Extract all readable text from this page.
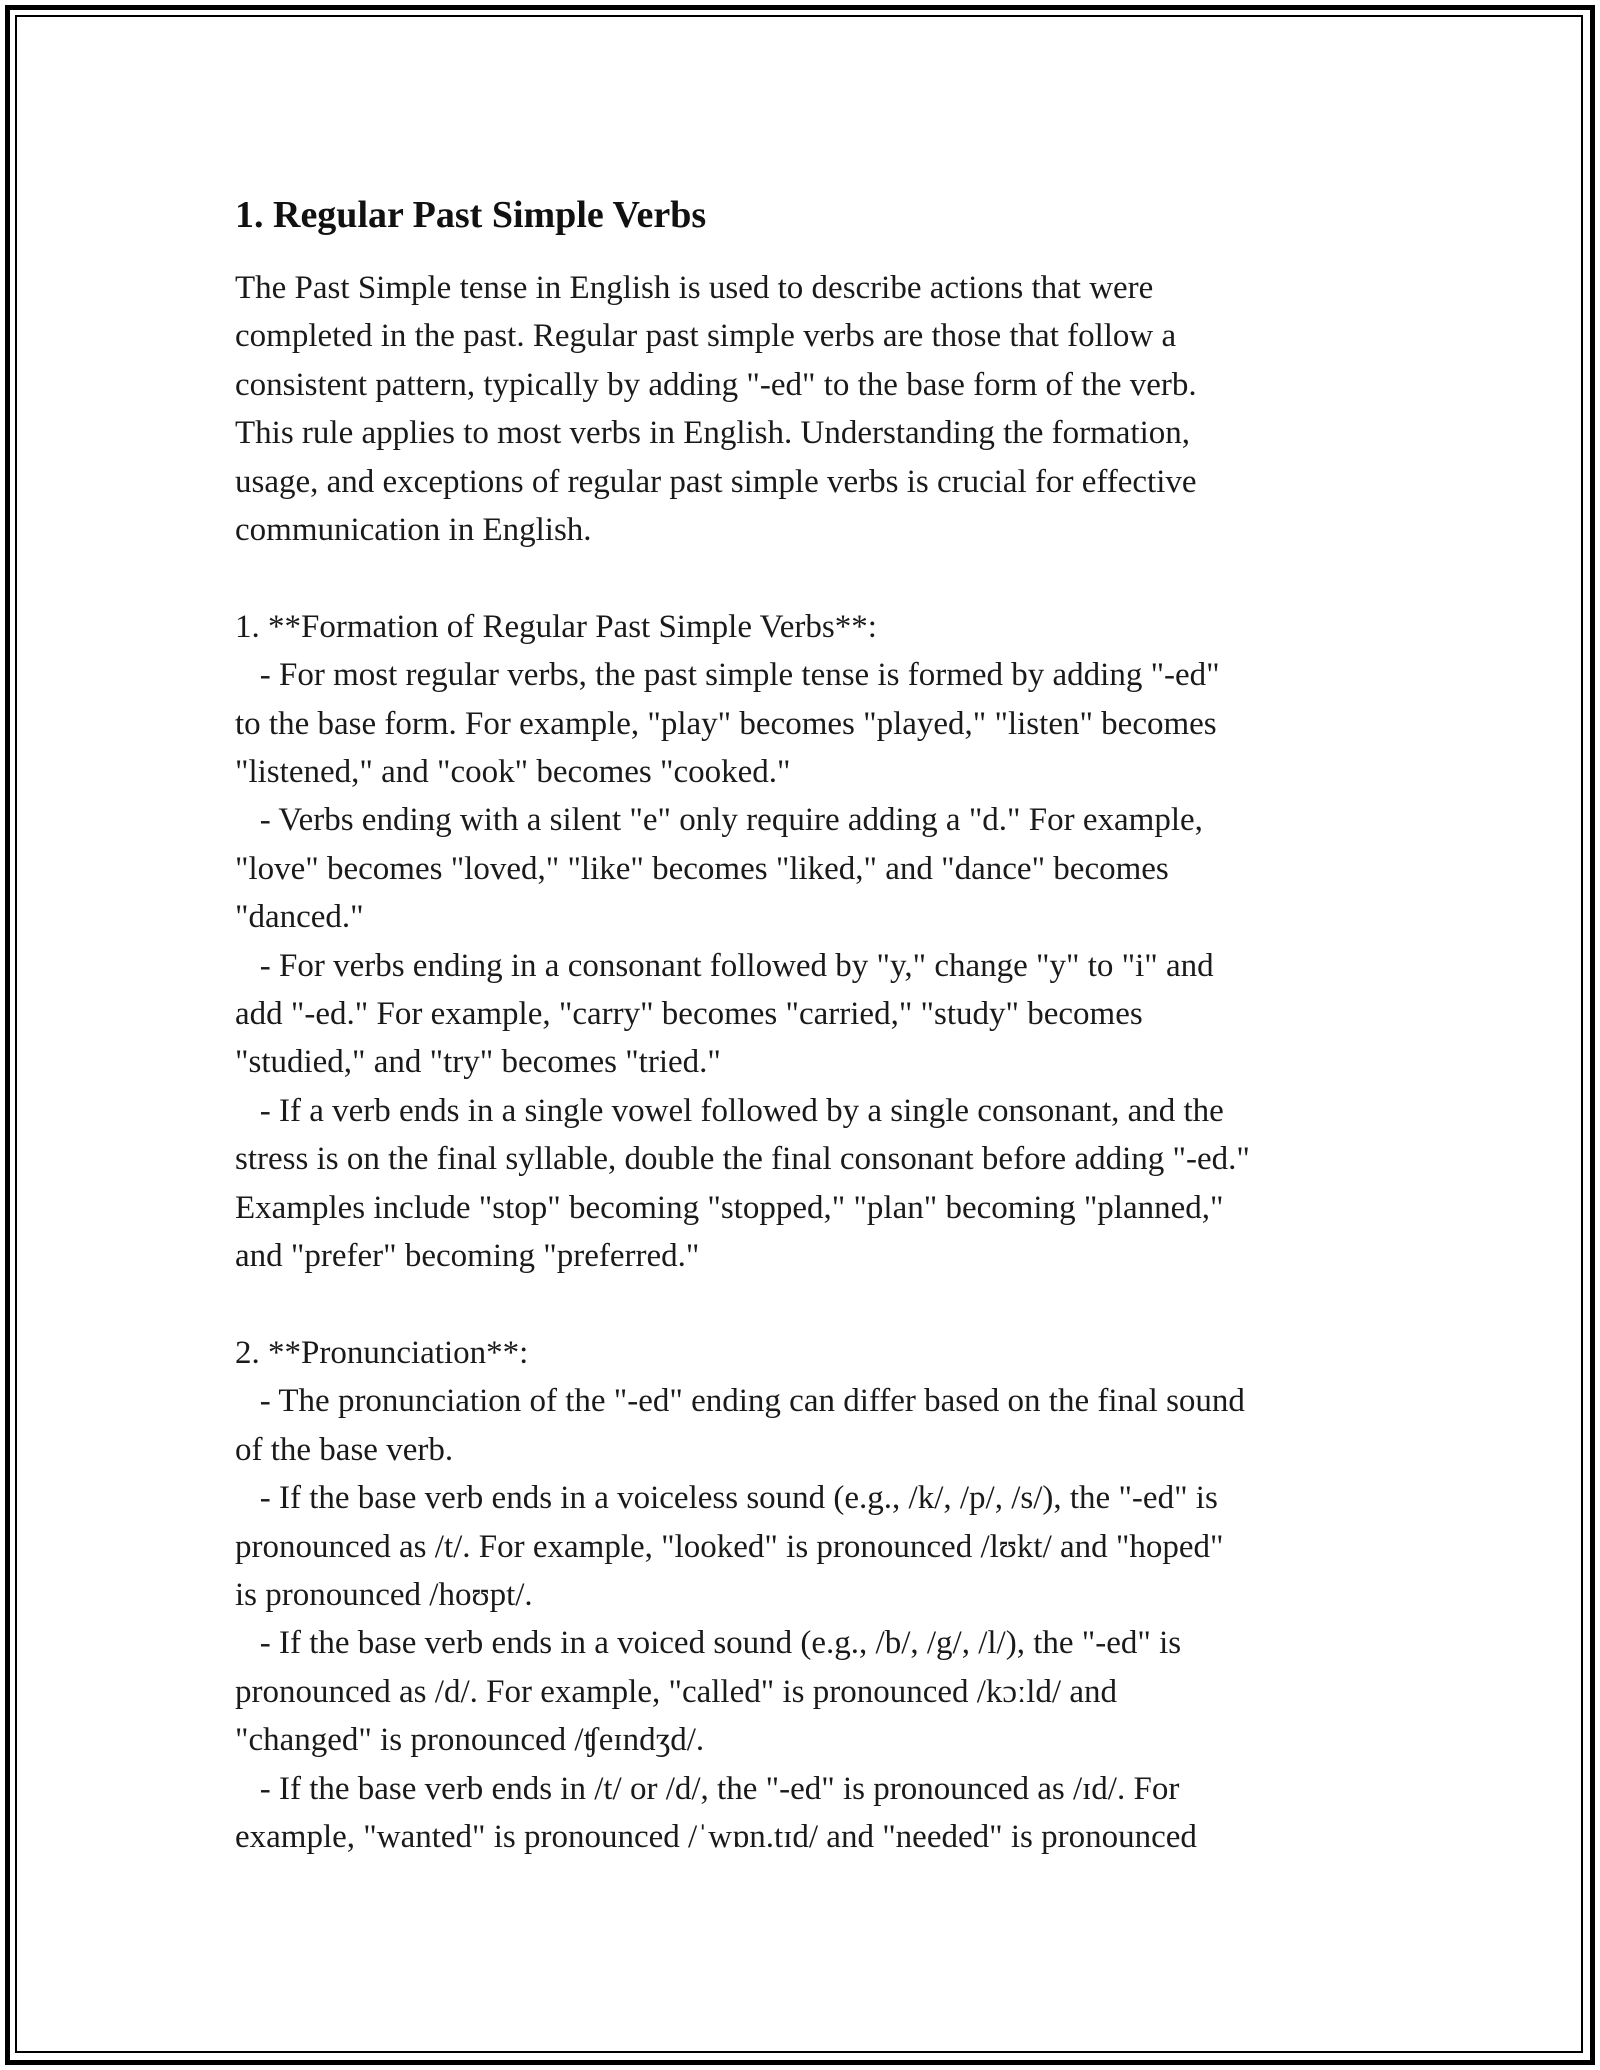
1. Regular Past Simple Verbs

The Past Simple tense in English is used to describe actions that were
completed in the past. Regular past simple verbs are those that follow a
consistent pattern, typically by adding "-ed" to the base form of the verb.
This rule applies to most verbs in English. Understanding the formation,
usage, and exceptions of regular past simple verbs is crucial for effective
communication in English.

1. **Formation of Regular Past Simple Verbs**:

- For most regular verbs, the past simple tense is formed by adding "-ed"
to the base form. For example, "play" becomes "played," "listen" becomes
"listened," and "cook" becomes "cooked."

- Verbs ending with a silent "e" only require adding a "d." For example,
"love" becomes "loved," "like" becomes "liked," and "dance" becomes
"danced."

- For verbs ending in a consonant followed by "y," change "y" to "i" and
add "-ed." For example, "carry" becomes "carried," "study" becomes
"studied," and "try" becomes "tried."

- If a verb ends in a single vowel followed by a single consonant, and the
stress is on the final syllable, double the final consonant before adding "-ed."
Examples include "stop" becoming "stopped," "plan" becoming "planned,"
and "prefer" becoming "preferred."

2. **Pronunciation**:

- The pronunciation of the "-ed" ending can differ based on the final sound
of the base verb.

- If the base verb ends in a voiceless sound (e.g., /k/, /p/, /s/), the "-ed" is
pronounced as /t/. For example, "looked" is pronounced /lʊkt/ and "hoped"
is pronounced /hoʊpt/.

- If the base verb ends in a voiced sound (e.g., /b/, /g/, /l/), the "-ed" is
pronounced as /d/. For example, "called" is pronounced /kɔːld/ and
"changed" is pronounced /ʧeɪndʒd/.

- If the base verb ends in /t/ or /d/, the "-ed" is pronounced as /ɪd/. For
example, "wanted" is pronounced /ˈwɒn.tɪd/ and "needed" is pronounced
